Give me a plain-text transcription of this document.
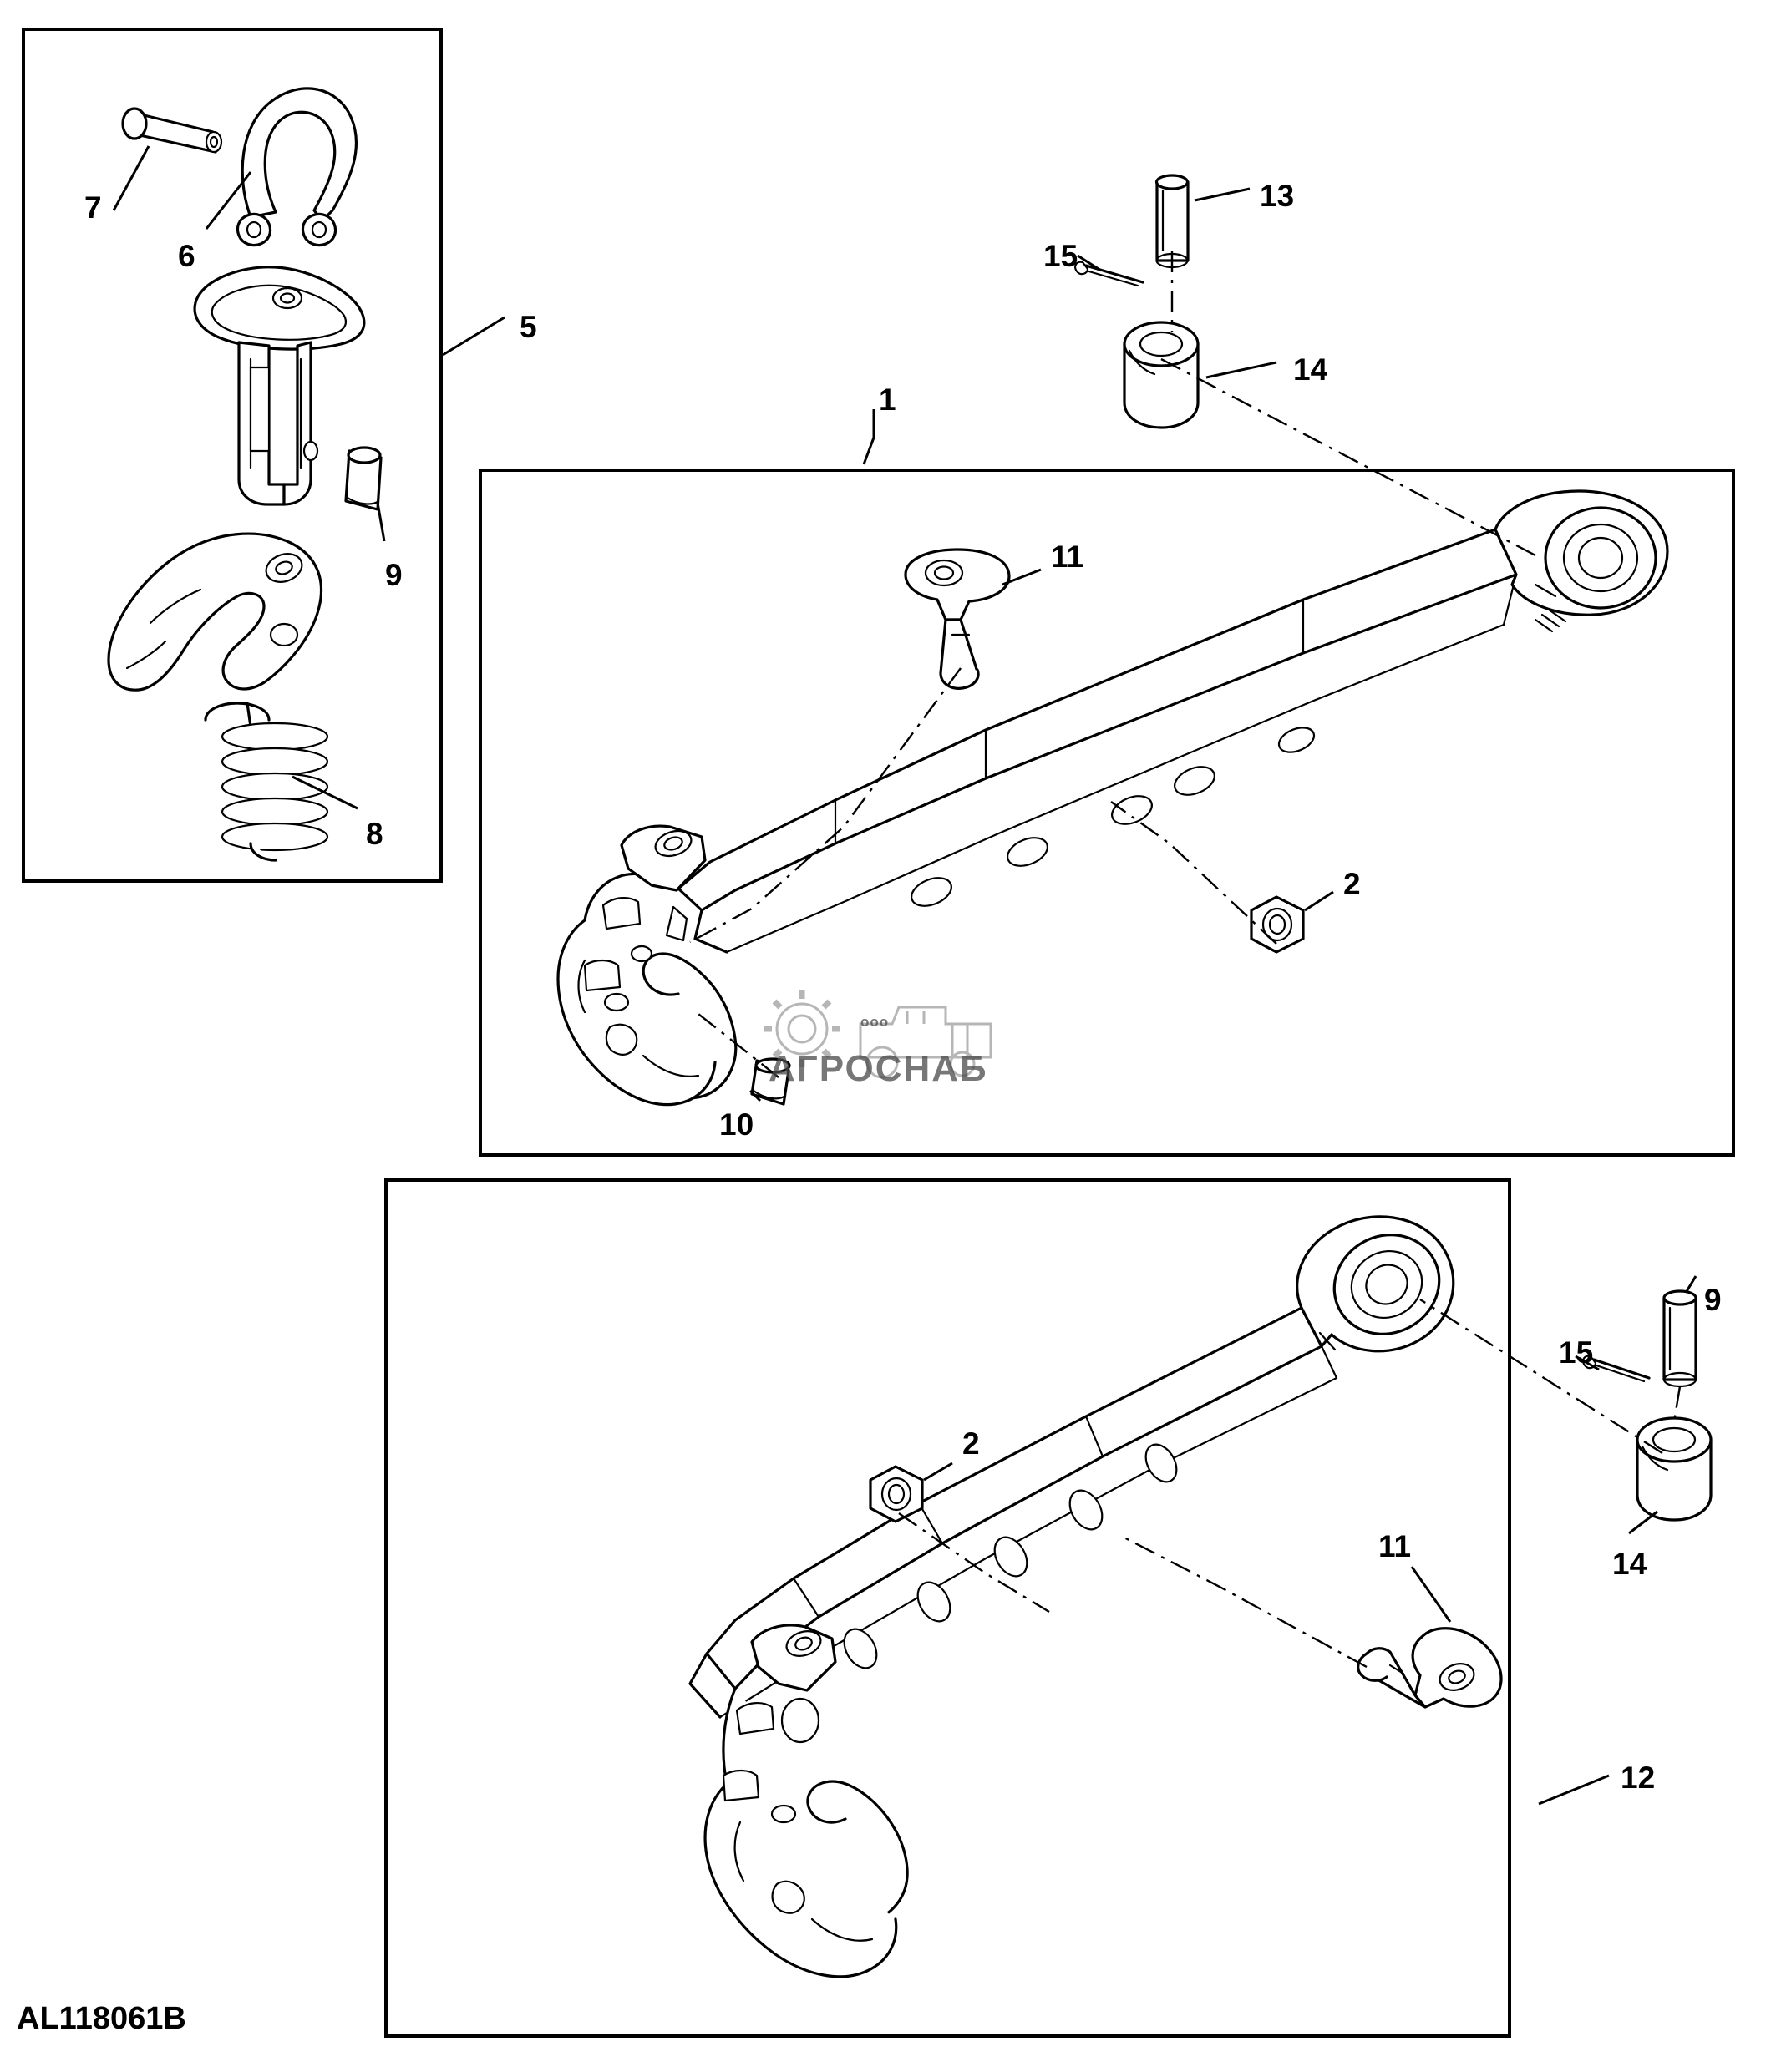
ооо
АГРОСНАБ
1
2
2
5
6
7
8
9
9
10
11
11
12
13
14
14
15
15
AL118061B
